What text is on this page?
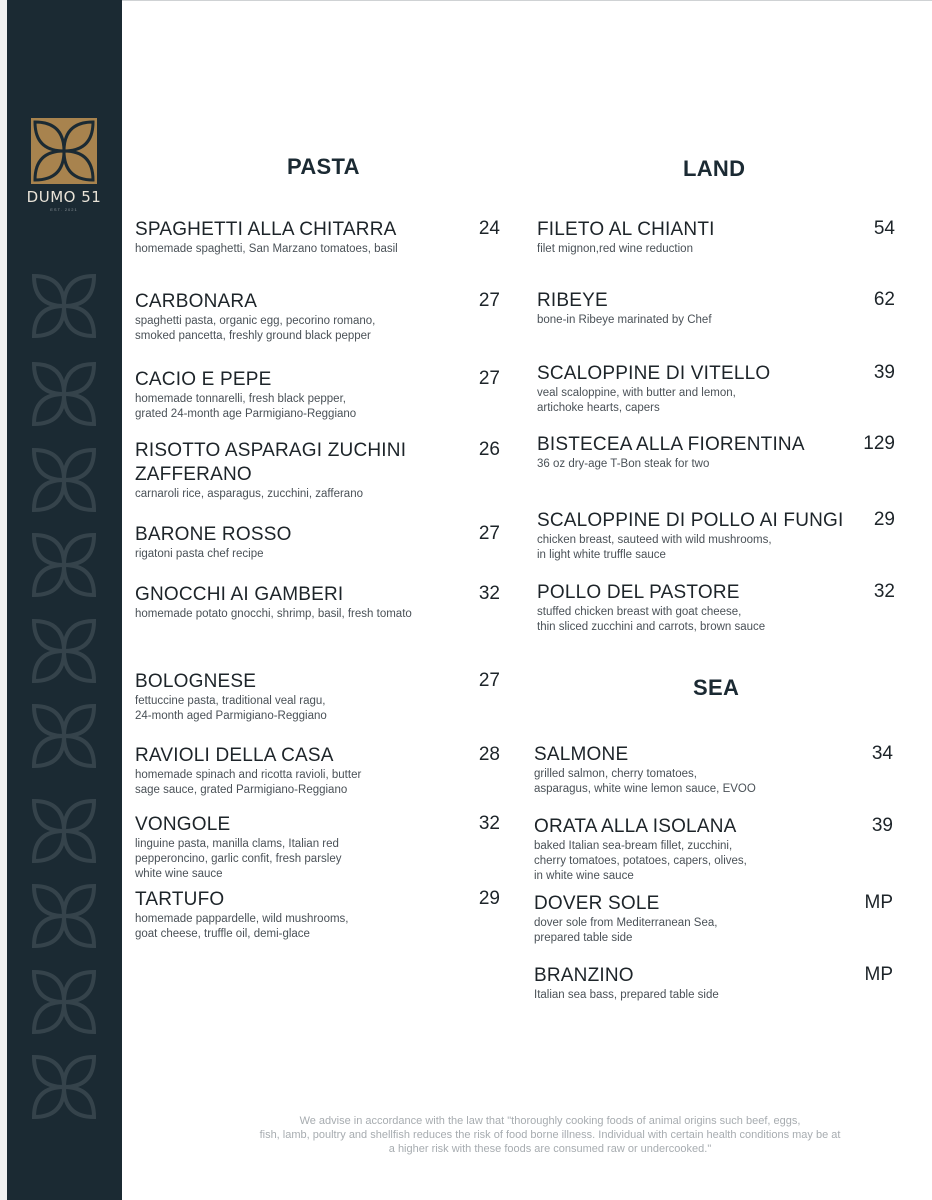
DUMO 51
EST. 2021
PASTA
SPAGHETTI ALLA CHITARRA
homemade spaghetti, San Marzano tomatoes, basil
24
CARBONARA
spaghetti pasta, organic egg, pecorino romano,
smoked pancetta, freshly ground black pepper
27
CACIO E PEPE
homemade tonnarelli, fresh black pepper,
grated 24-month age Parmigiano-Reggiano
27
RISOTTO ASPARAGI ZUCHINI
ZAFFERANO
carnaroli rice, asparagus, zucchini, zafferano
26
BARONE ROSSO
rigatoni pasta chef recipe
27
GNOCCHI AI GAMBERI
homemade potato gnocchi, shrimp, basil, fresh tomato
32
BOLOGNESE
fettuccine pasta, traditional veal ragu,
24-month aged Parmigiano-Reggiano
27
RAVIOLI DELLA CASA
homemade spinach and ricotta ravioli, butter
sage sauce, grated Parmigiano-Reggiano
28
VONGOLE
linguine pasta, manilla clams, Italian red
pepperoncino, garlic confit, fresh parsley
white wine sauce
32
TARTUFO
homemade pappardelle, wild mushrooms,
goat cheese, truffle oil, demi-glace
29
LAND
FILETO AL CHIANTI
filet mignon,red wine reduction
54
RIBEYE
bone-in Ribeye marinated by Chef
62
SCALOPPINE DI VITELLO
veal scaloppine, with butter and lemon,
artichoke hearts, capers
39
BISTECEA ALLA FIORENTINA
36 oz dry-age T-Bon steak for two
129
SCALOPPINE DI POLLO AI FUNGI
chicken breast, sauteed with wild mushrooms,
in light white truffle sauce
29
POLLO DEL PASTORE
stuffed chicken breast with goat cheese,
thin sliced zucchini and carrots, brown sauce
32
SEA
SALMONE
grilled salmon, cherry tomatoes,
asparagus, white wine lemon sauce, EVOO
34
ORATA ALLA ISOLANA
baked Italian sea-bream fillet, zucchini,
cherry tomatoes, potatoes, capers, olives,
in white wine sauce
39
DOVER SOLE
dover sole from Mediterranean Sea,
prepared table side
MP
BRANZINO
Italian sea bass, prepared table side
MP
We advise in accordance with the law that "thoroughly cooking foods of animal origins such beef, eggs,
fish, lamb, poultry and shellfish reduces the risk of food borne illness. Individual with certain health conditions may be at
a higher risk with these foods are consumed raw or undercooked."
